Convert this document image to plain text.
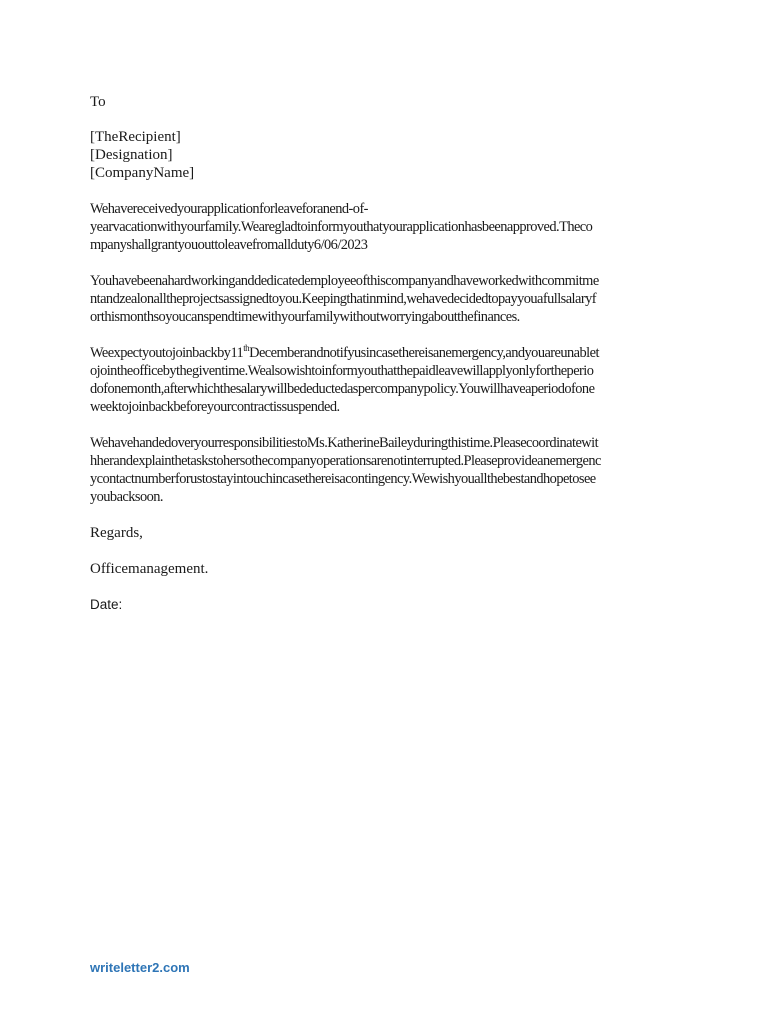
To

[TheRecipient]

[Designation]

[CompanyName]

Wehavereceivedyourapplicationforleaveforanend-of-
yearvacationwithyourfamily.Wearegladtoinformyouthatyourapplicationhasbeenapproved.Theco
mpanyshallgrantyououttoleavefromallduty6/06/2023

Youhavebeenahardworkinganddedicatedemployeeofthiscompanyandhaveworkedwithcommitme
ntandzealonalltheprojectsassignedtoyou.Keepingthatinmind,wehavedecidedtopayyouafullsalaryf
orthismonthsoyoucanspendtimewithyourfamilywithoutworryingaboutthefinances.

Weexpectyoutojoinbackby11thDecemberandnotifyusincasethereisanemergency,andyouareunablet
ojointheofficebythegiventime.Wealsowishtoinformyouthatthepaidleavewillapplyonlyfortheperio
dofonemonth,afterwhichthesalarywillbedeductedaspercompanypolicy.Youwillhaveaperiodofone
weektojoinbackbeforeyourcontractissuspended.

WehavehandedoveryourresponsibilitiestoMs.KatherineBaileyduringthistime.Pleasecoordinatewit
hherandexplainthetaskstohersothecompanyoperationsarenotinterrupted.Pleaseprovideanemergenc
ycontactnumberforustostayintouchincasethereisacontingency.Wewishyouallthebestandhopetosee
youbacksoon.

Regards,

Officemanagement.

Date:

writeletter2.com
